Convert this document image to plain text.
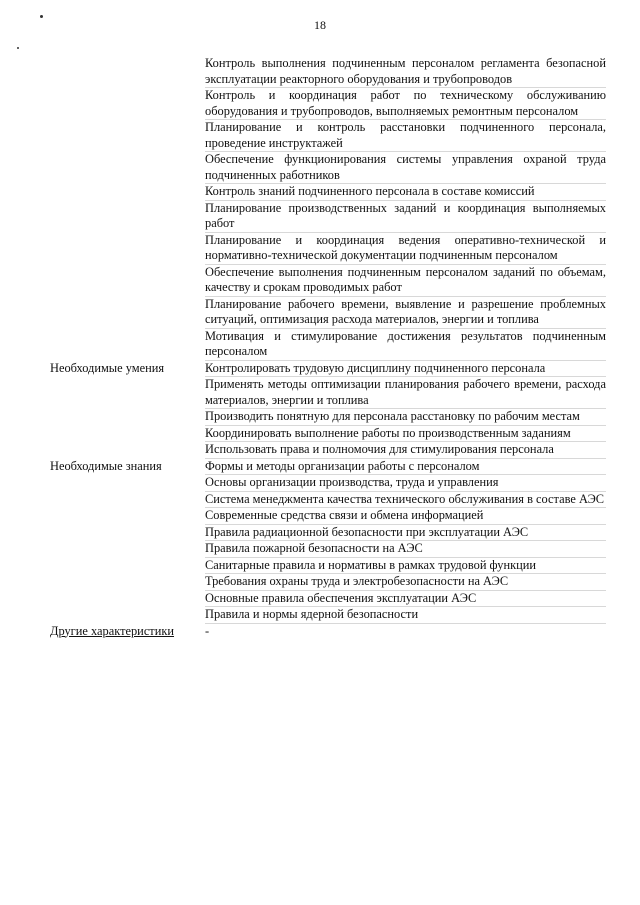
18
Контроль выполнения подчиненным персоналом регламента безопасной эксплуатации реакторного оборудования и трубопроводов
Контроль и координация работ по техническому обслуживанию оборудования и трубопроводов, выполняемых ремонтным персоналом
Планирование и контроль расстановки подчиненного персонала, проведение инструктажей
Обеспечение функционирования системы управления охраной труда подчиненных работников
Контроль знаний подчиненного персонала в составе комиссий
Планирование производственных заданий и координация выполняемых работ
Планирование и координация ведения оперативно-технической и нормативно-технической документации подчиненным персоналом
Обеспечение выполнения подчиненным персоналом заданий по объемам, качеству и срокам проводимых работ
Планирование рабочего времени, выявление и разрешение проблемных ситуаций, оптимизация расхода материалов, энергии и топлива
Мотивация и стимулирование достижения результатов подчиненным персоналом
Необходимые умения	Контролировать трудовую дисциплину подчиненного персонала
Применять методы оптимизации планирования рабочего времени, расхода материалов, энергии и топлива
Производить понятную для персонала расстановку по рабочим местам
Координировать выполнение работы по производственным заданиям
Использовать права и полномочия для стимулирования персонала
Необходимые знания	Формы и методы организации работы с персоналом
Основы организации производства, труда и управления
Система менеджмента качества технического обслуживания в составе АЭС
Современные средства связи и обмена информацией
Правила радиационной безопасности при эксплуатации АЭС
Правила пожарной безопасности на АЭС
Санитарные правила и нормативы в рамках трудовой функции
Требования охраны труда и электробезопасности на АЭС
Основные правила обеспечения эксплуатации АЭС
Правила и нормы ядерной безопасности
Другие характеристики	-
